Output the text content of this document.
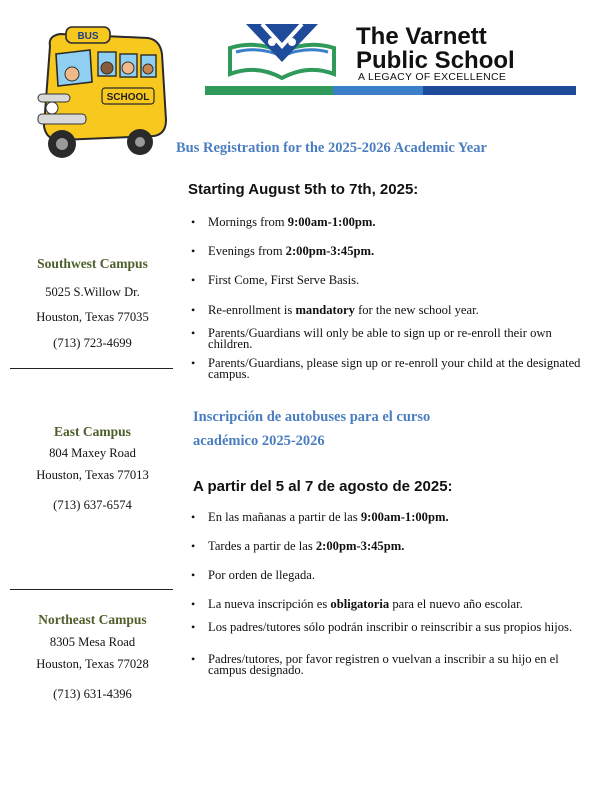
BUS
SCHOOL
The Varnett
Public School
A LEGACY OF EXCELLENCE
Bus Registration for the 2025-2026 Academic Year
Starting August 5th to 7th, 2025:
• Mornings from 9:00am-1:00pm.
• Evenings from 2:00pm-3:45pm.
• First Come, First Serve Basis.
• Re-enrollment is mandatory for the new school year.
• Parents/Guardians will only be able to sign up or re-enroll their own children.
• Parents/Guardians, please sign up or re-enroll your child at the designated campus.
Inscripción de autobuses para el curso
académico 2025-2026
A partir del 5 al 7 de agosto de 2025:
• En las mañanas a partir de las 9:00am-1:00pm.
• Tardes a partir de las 2:00pm-3:45pm.
• Por orden de llegada.
• La nueva inscripción es obligatoria para el nuevo año escolar.
• Los padres/tutores sólo podrán inscribir o reinscribir a sus propios hijos.
• Padres/tutores, por favor registren o vuelvan a inscribir a su hijo en el campus designado.
Southwest Campus
5025 S.Willow Dr.
Houston, Texas 77035
(713) 723-4699
East Campus
804 Maxey Road
Houston, Texas 77013
(713) 637-6574
Northeast Campus
8305 Mesa Road
Houston, Texas 77028
(713) 631-4396
